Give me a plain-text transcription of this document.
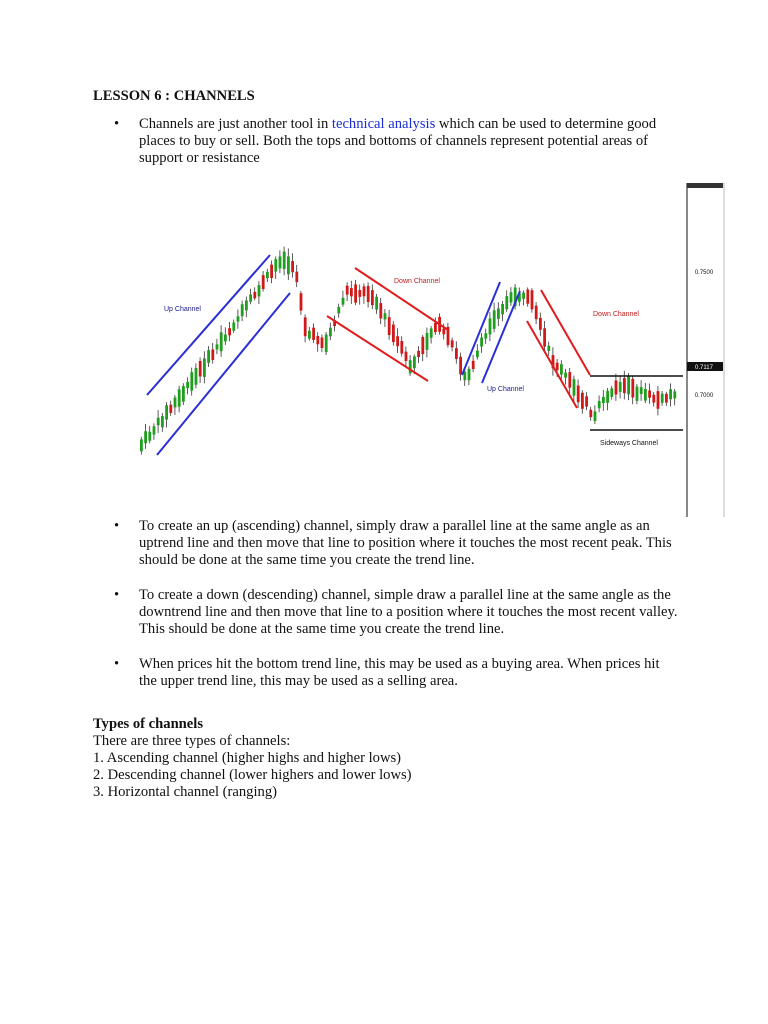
LESSON 6 : CHANNELS
• Channels are just another tool in technical analysis which can be used to determine good places to buy or sell. Both the tops and bottoms of channels represent potential areas of support or resistance
0.7500
0.7117
0.7000
Up Channel
Down Channel
Up Channel
Down Channel
Sideways Channel
• To create an up (ascending) channel, simply draw a parallel line at the same angle as an uptrend line and then move that line to position where it touches the most recent peak. This should be done at the same time you create the trend line.
• To create a down (descending) channel, simple draw a parallel line at the same angle as the downtrend line and then move that line to a position where it touches the most recent valley. This should be done at the same time you create the trend line.
• When prices hit the bottom trend line, this may be used as a buying area. When prices hit the upper trend line, this may be used as a selling area.
Types of channels
There are three types of channels:
1. Ascending channel (higher highs and higher lows)
2. Descending channel (lower highers and lower lows)
3. Horizontal channel (ranging)
